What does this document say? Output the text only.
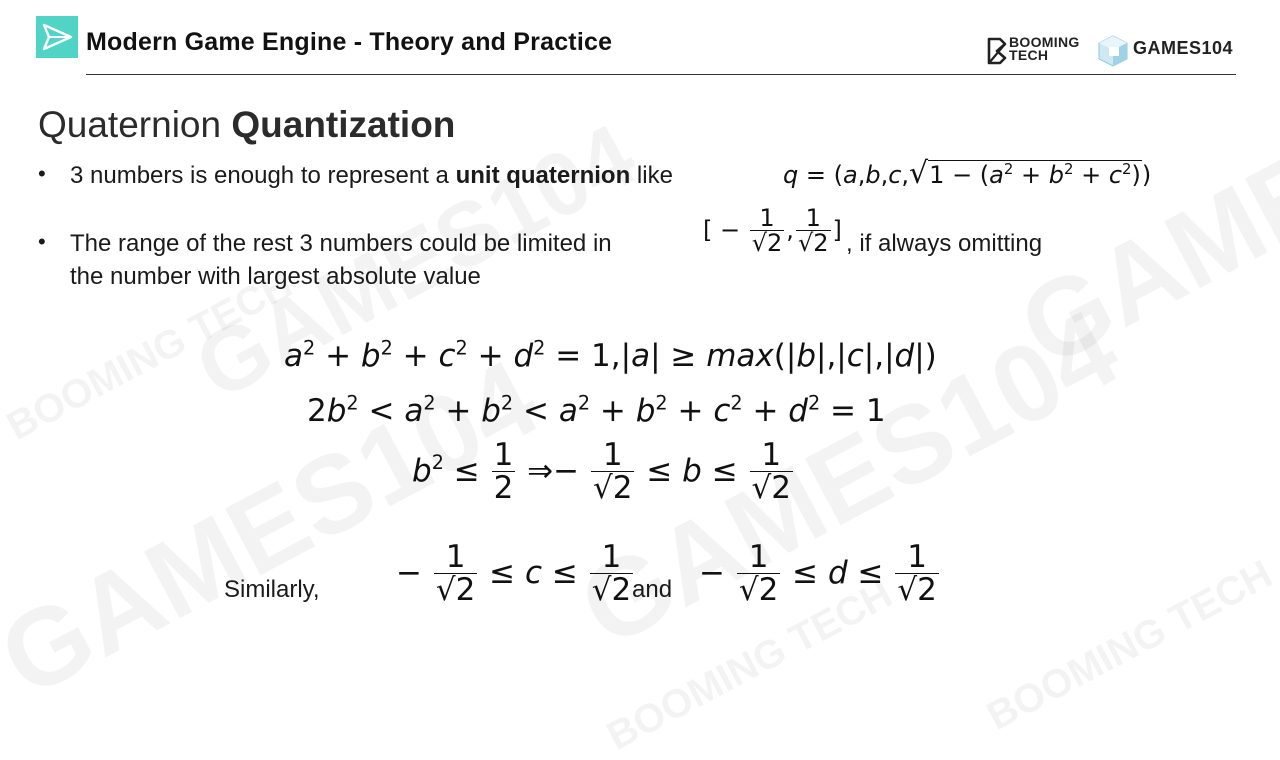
Modern Game Engine - Theory and Practice	BOOMING
TECH	GAMES104
Quaternion Quantization
• 3 numbers is enough to represent a unit quaternion like	$q = (a,b,c,√1 - (a^2 + b^2 + c^2))$
• The range of the rest 3 numbers could be limited in	[ − $\frac{1}{√2}$ , $\frac{1}{√2}$ ] , if always omitting
the number with largest absolute value
$a^2 + b^2 + c^2 + d^2 = 1,|a| \ge \max(|b|,|c|,|d|)$
$2b^2 < a^2 + b^2 < a^2 + b^2 + c^2 + d^2 = 1$
$b^2 \le \frac{1}{2}$ ⇒− $\frac{1}{√2} \le b \le \frac{1}{√2}$
Similarly, − $\frac{1}{√2} \le c \le \frac{1}{√2}$
and − $\frac{1}{√2} \le d \le \frac{1}{√2}$
